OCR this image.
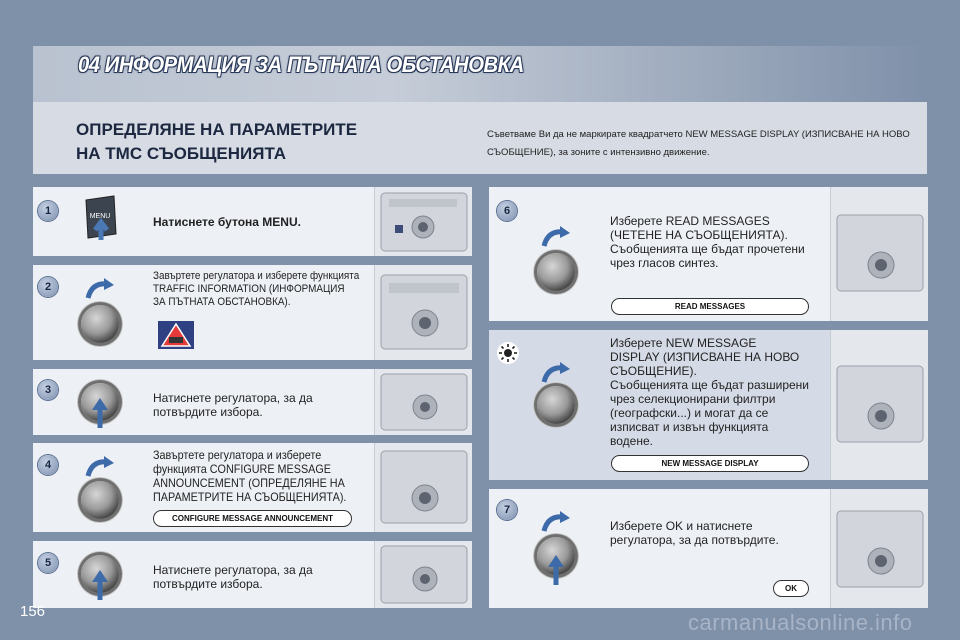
04 ИНФОРМАЦИЯ ЗА ПЪТНАТА ОБСТАНОВКА
ОПРЕДЕЛЯНЕ НА ПАРАМЕТРИТЕ
НА TMC СЪОБЩЕНИЯТА
Съветваме Ви да не маркирате квадратчето NEW MESSAGE DISPLAY (ИЗПИСВАНЕ НА НОВО
СЪОБЩЕНИЕ), за зоните с интензивно движение.
1	MENU	Натиснете бутона MENU.
2
Завъртете регулатора и изберете функцията
TRAFFIC INFORMATION (ИНФОРМАЦИЯ
ЗА ПЪТНАТА ОБСТАНОВКА).
3
Натиснете регулатора, за да
потвърдите избора.
4
Завъртете регулатора и изберете
функцията CONFIGURE MESSAGE
ANNOUNCEMENT (ОПРЕДЕЛЯНЕ НА
ПАРАМЕТРИТЕ НА СЪОБЩЕНИЯТА).
CONFIGURE MESSAGE ANNOUNCEMENT
5	Натиснете регулатора, за да
потвърдите избора.
6
Изберете READ MESSAGES
(ЧЕТЕНЕ НА СЪОБЩЕНИЯТА).
Съобщенията ще бъдат прочетени
чрез гласов синтез.
READ MESSAGES
Изберете NEW MESSAGE
DISPLAY (ИЗПИСВАНЕ НА НОВО
СЪОБЩЕНИЕ).
Съобщенията ще бъдат разширени
чрез селекционирани филтри
(географски...) и могат да се
изписват и извън функцията
водене.
NEW MESSAGE DISPLAY
7
Изберете OK и натиснете
регулатора, за да потвърдите.
OK
156	carmanualsonline.info
